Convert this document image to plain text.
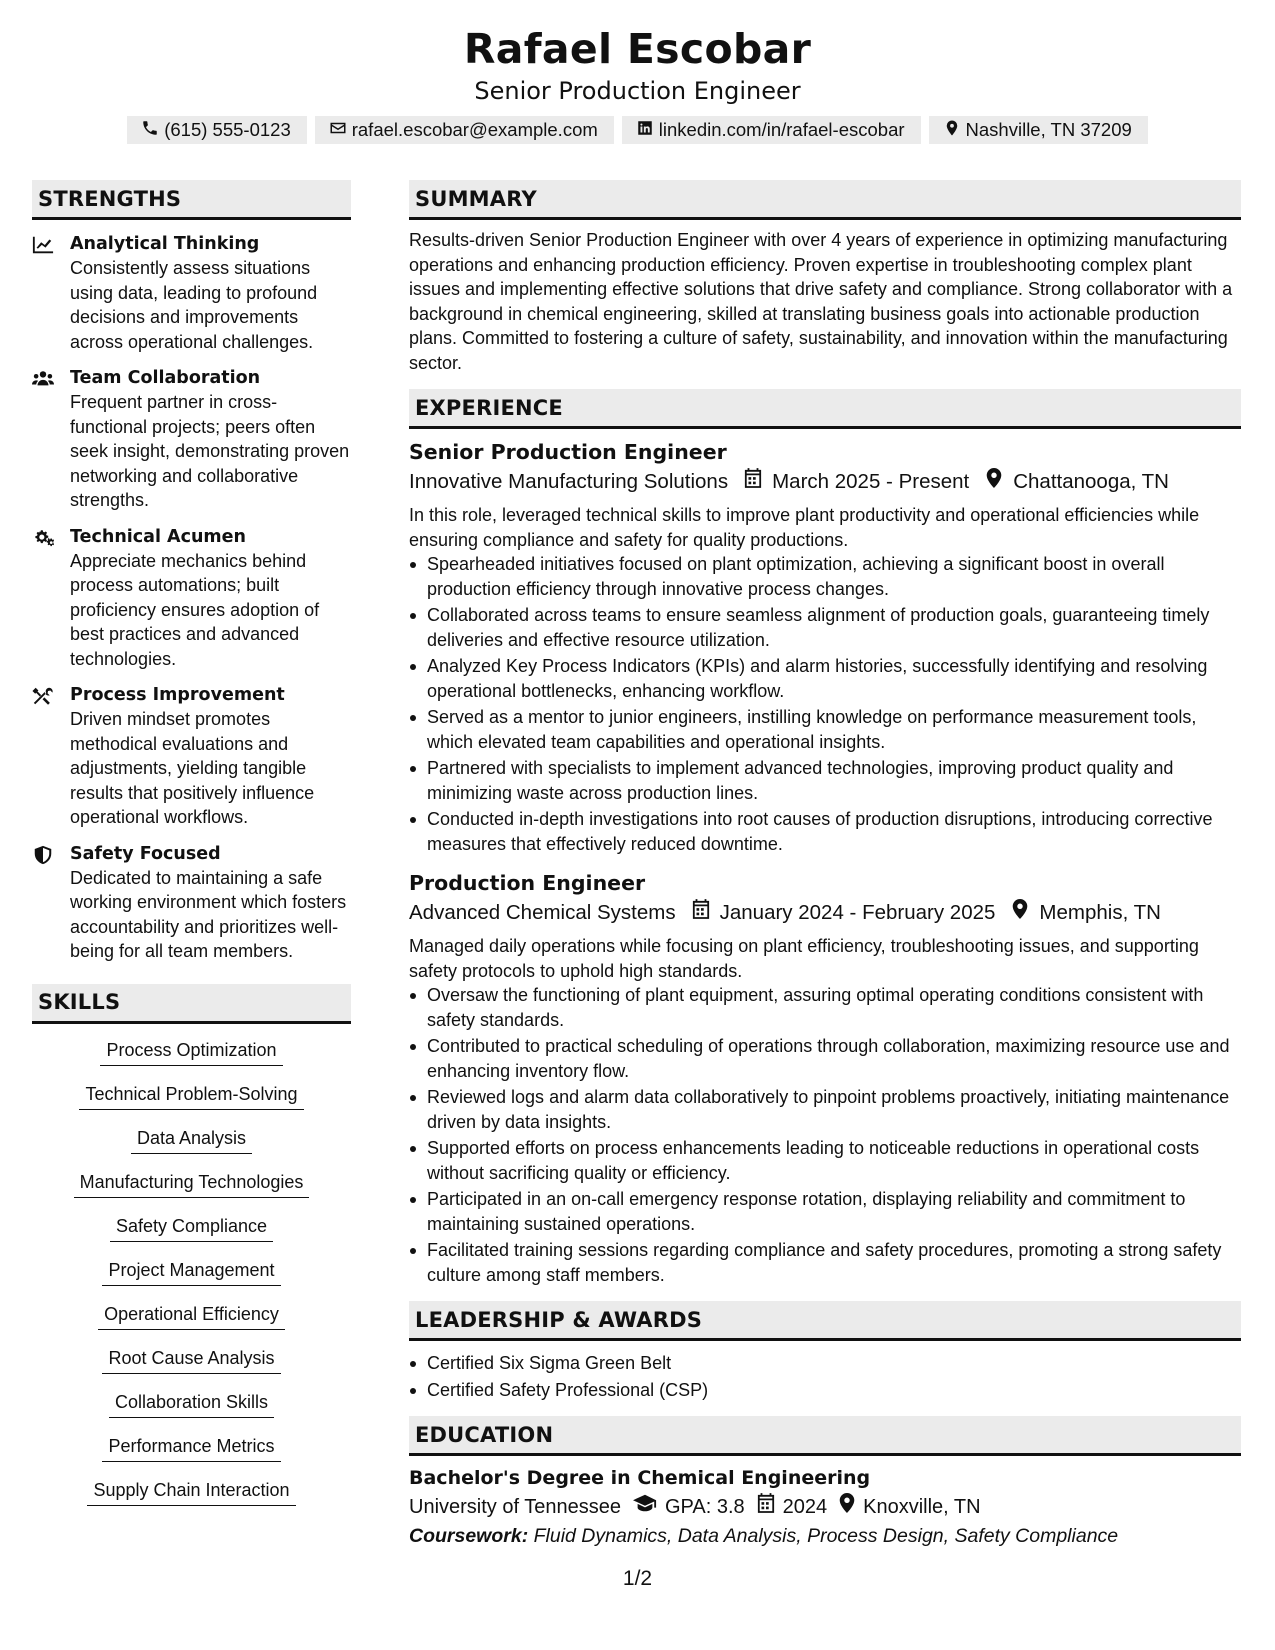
Rafael Escobar
Senior Production Engineer
(615) 555-0123	rafael.escobar@example.com	linkedin.com/in/rafael-escobar	Nashville, TN 37209
STRENGTHS
Analytical Thinking
Consistently assess situations using data, leading to profound decisions and improvements across operational challenges.
Team Collaboration
Frequent partner in cross-functional projects; peers often seek insight, demonstrating proven networking and collaborative strengths.
Technical Acumen
Appreciate mechanics behind process automations; built proficiency ensures adoption of best practices and advanced technologies.
Process Improvement
Driven mindset promotes methodical evaluations and adjustments, yielding tangible results that positively influence operational workflows.
Safety Focused
Dedicated to maintaining a safe working environment which fosters accountability and prioritizes well-being for all team members.
SKILLS
Process Optimization
Technical Problem-Solving
Data Analysis
Manufacturing Technologies
Safety Compliance
Project Management
Operational Efficiency
Root Cause Analysis
Collaboration Skills
Performance Metrics
Supply Chain Interaction
SUMMARY
Results-driven Senior Production Engineer with over 4 years of experience in optimizing manufacturing operations and enhancing production efficiency. Proven expertise in troubleshooting complex plant issues and implementing effective solutions that drive safety and compliance. Strong collaborator with a background in chemical engineering, skilled at translating business goals into actionable production plans. Committed to fostering a culture of safety, sustainability, and innovation within the manufacturing sector.
EXPERIENCE
Senior Production Engineer
Innovative Manufacturing Solutions March 2025 - Present Chattanooga, TN
In this role, leveraged technical skills to improve plant productivity and operational efficiencies while ensuring compliance and safety for quality productions.
Spearheaded initiatives focused on plant optimization, achieving a significant boost in overall production efficiency through innovative process changes.
Collaborated across teams to ensure seamless alignment of production goals, guaranteeing timely deliveries and effective resource utilization.
Analyzed Key Process Indicators (KPIs) and alarm histories, successfully identifying and resolving operational bottlenecks, enhancing workflow.
Served as a mentor to junior engineers, instilling knowledge on performance measurement tools, which elevated team capabilities and operational insights.
Partnered with specialists to implement advanced technologies, improving product quality and minimizing waste across production lines.
Conducted in-depth investigations into root causes of production disruptions, introducing corrective measures that effectively reduced downtime.
Production Engineer
Advanced Chemical Systems January 2024 - February 2025 Memphis, TN
Managed daily operations while focusing on plant efficiency, troubleshooting issues, and supporting safety protocols to uphold high standards.
Oversaw the functioning of plant equipment, assuring optimal operating conditions consistent with safety standards.
Contributed to practical scheduling of operations through collaboration, maximizing resource use and enhancing inventory flow.
Reviewed logs and alarm data collaboratively to pinpoint problems proactively, initiating maintenance driven by data insights.
Supported efforts on process enhancements leading to noticeable reductions in operational costs without sacrificing quality or efficiency.
Participated in an on-call emergency response rotation, displaying reliability and commitment to maintaining sustained operations.
Facilitated training sessions regarding compliance and safety procedures, promoting a strong safety culture among staff members.
LEADERSHIP & AWARDS
Certified Six Sigma Green Belt
Certified Safety Professional (CSP)
EDUCATION
Bachelor's Degree in Chemical Engineering
University of Tennessee GPA: 3.8 2024 Knoxville, TN
Coursework: Fluid Dynamics, Data Analysis, Process Design, Safety Compliance
1/2
